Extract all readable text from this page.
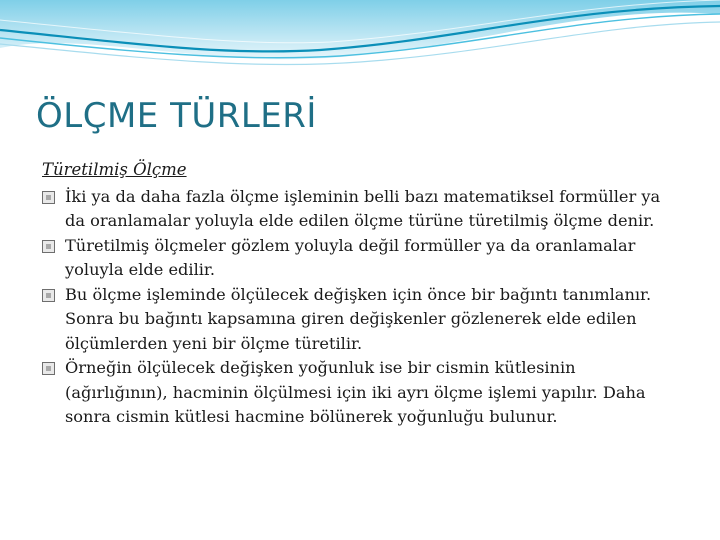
ÖLÇME TÜRLERİ
Türetilmiş Ölçme

İki ya da daha fazla ölçme işleminin belli bazı matematiksel formüller ya da oranlamalar yoluyla elde edilen ölçme türüne türetilmiş ölçme denir.

Türetilmiş ölçmeler gözlem yoluyla değil formüller ya da oranlamalar yoluyla elde edilir.

Bu ölçme işleminde ölçülecek değişken için önce bir bağıntı tanımlanır. Sonra bu bağıntı kapsamına giren değişkenler gözlenerek elde edilen ölçümlerden yeni bir ölçme türetilir.

Örneğin ölçülecek değişken yoğunluk ise bir cismin kütlesinin (ağırlığının), hacminin ölçülmesi için iki ayrı ölçme işlemi yapılır. Daha sonra cismin kütlesi hacmine bölünerek yoğunluğu bulunur.
